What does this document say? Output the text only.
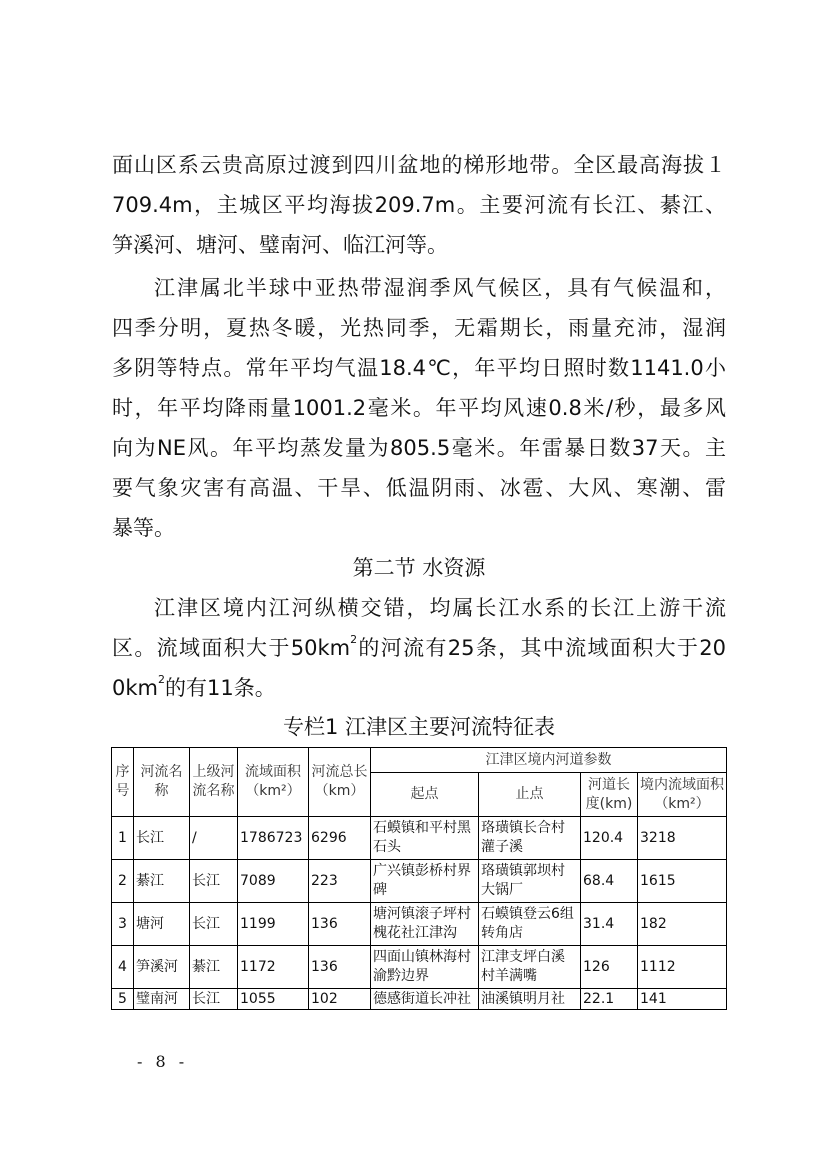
面山区系云贵高原过渡到四川盆地的梯形地带。全区最高海拔１
709.4m，主城区平均海拔209.7m。主要河流有长江、綦江、
笋溪河、塘河、璧南河、临江河等。
江津属北半球中亚热带湿润季风气候区，具有气候温和，
四季分明，夏热冬暖，光热同季，无霜期长，雨量充沛，湿润
多阴等特点。常年平均气温18.4℃，年平均日照时数1141.0小
时，年平均降雨量1001.2毫米。年平均风速0.8米/秒，最多风
向为NE风。年平均蒸发量为805.5毫米。年雷暴日数37天。主
要气象灾害有高温、干旱、低温阴雨、冰雹、大风、寒潮、雷
暴等。
第二节 水资源
江津区境内江河纵横交错，均属长江水系的长江上游干流
区。流域面积大于$50km^2$的河流有25条，其中流域面积大于20
$0km^2$的有11条。
专栏1 江津区主要河流特征表
序号	河流名称	上级河流名称	流域面积（km²）	河流总长（km）	江津区境内河道参数			
					起点	止点	河道长度(km)	境内流域面积（km²）
1	长江	/	1786723	6296	石蟆镇和平村黑石头	珞璜镇长合村灌子溪	120.4	3218
2	綦江	长江	7089	223	广兴镇彭桥村界碑	珞璜镇郭坝村大锅厂	68.4	1615
3	塘河	长江	1199	136	塘河镇滚子坪村槐花社江津沟	石蟆镇登云6组转角店	31.4	182
4	笋溪河	綦江	1172	136	四面山镇林海村渝黔边界	江津支坪白溪村羊满嘴	126	1112
5	璧南河	长江	1055	102	德感街道长冲社	油溪镇明月社	22.1	141
- 8 -
